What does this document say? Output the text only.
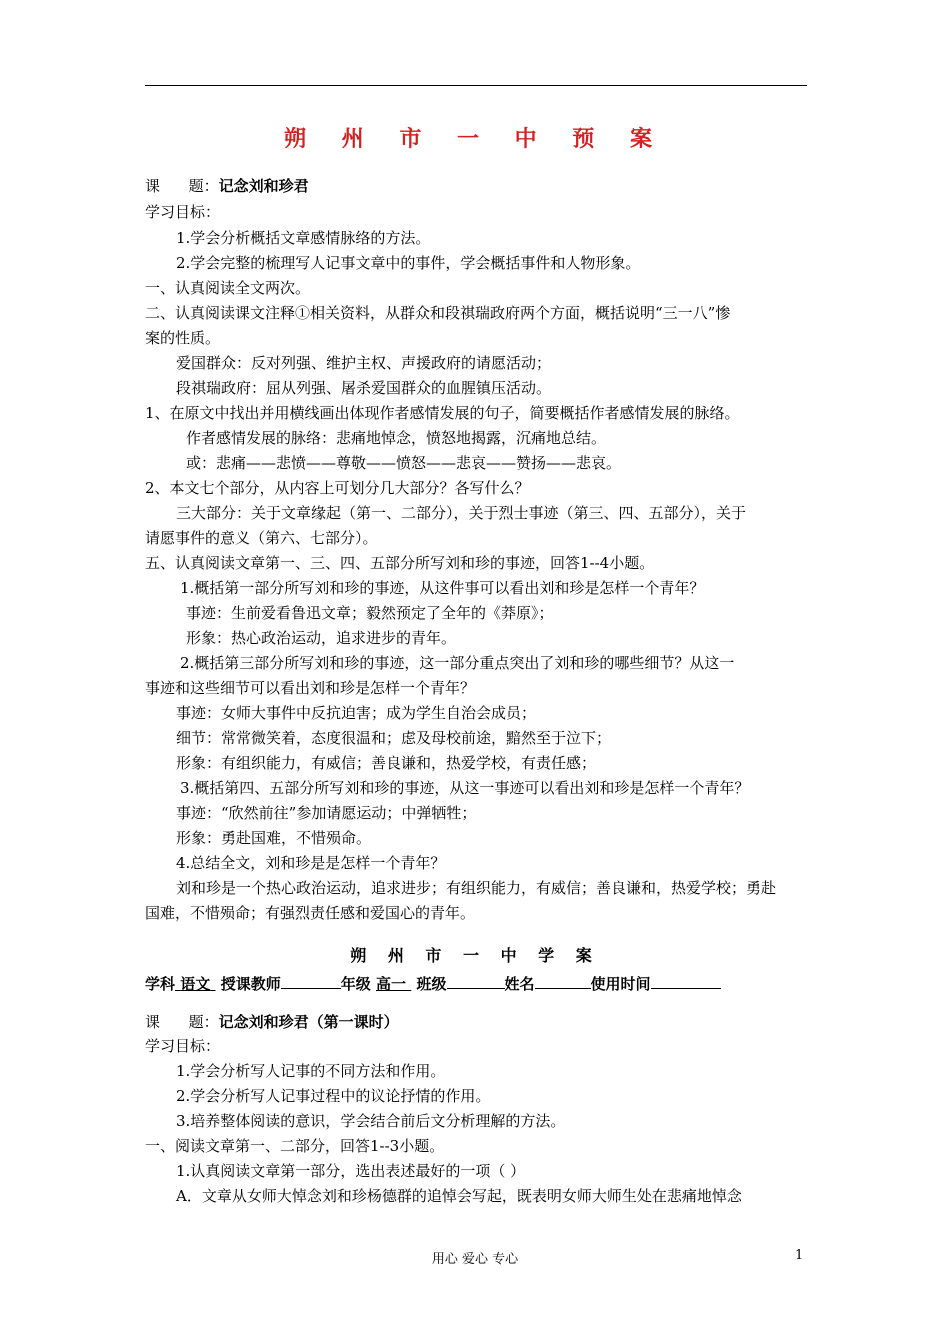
朔 州 市 一 中 预 案
课      题：记念刘和珍君
学习目标：
1.学会分析概括文章感情脉络的方法。
2.学会完整的梳理写人记事文章中的事件，学会概括事件和人物形象。
一、认真阅读全文两次。
二、认真阅读课文注释①相关资料，从群众和段祺瑞政府两个方面，概括说明“三一八”惨
案的性质。
爱国群众：反对列强、维护主权、声援政府的请愿活动；
段祺瑞政府：屈从列强、屠杀爱国群众的血腥镇压活动。
1、在原文中找出并用横线画出体现作者感情发展的句子，简要概括作者感情发展的脉络。
作者感情发展的脉络：悲痛地悼念，愤怒地揭露，沉痛地总结。
或：悲痛——悲愤——尊敬——愤怒——悲哀——赞扬——悲哀。
2、本文七个部分，从内容上可划分几大部分？各写什么？
三大部分：关于文章缘起（第一、二部分），关于烈士事迹（第三、四、五部分），关于
请愿事件的意义（第六、七部分）。
五、认真阅读文章第一、三、四、五部分所写刘和珍的事迹，回答1--4小题。
1.概括第一部分所写刘和珍的事迹，从这件事可以看出刘和珍是怎样一个青年？
事迹：生前爱看鲁迅文章；毅然预定了全年的《莽原》；
形象：热心政治运动，追求进步的青年。
2.概括第三部分所写刘和珍的事迹，这一部分重点突出了刘和珍的哪些细节？从这一
事迹和这些细节可以看出刘和珍是怎样一个青年？
事迹：女师大事件中反抗迫害；成为学生自治会成员；
细节：常常微笑着，态度很温和；虑及母校前途，黯然至于泣下；
形象：有组织能力，有威信；善良谦和，热爱学校，有责任感；
3.概括第四、五部分所写刘和珍的事迹，从这一事迹可以看出刘和珍是怎样一个青年？
事迹：“欣然前往”参加请愿运动；中弹牺牲；
形象：勇赴国难，不惜殒命。
4.总结全文，刘和珍是是怎样一个青年？
刘和珍是一个热心政治运动，追求进步；有组织能力，有威信；善良谦和，热爱学校；勇赴
国难，不惜殒命；有强烈责任感和爱国心的青年。
朔 州 市 一 中 学 案
学科 语文 授课教师	年级 高一 班级	姓名	使用时间
课      题：记念刘和珍君（第一课时）
学习目标：
1.学会分析写人记事的不同方法和作用。
2.学会分析写人记事过程中的议论抒情的作用。
3.培养整体阅读的意识，学会结合前后文分析理解的方法。
一、阅读文章第一、二部分，回答1--3小题。
1.认真阅读文章第一部分，选出表述最好的一项（ ）
A．文章从女师大悼念刘和珍杨德群的追悼会写起，既表明女师大师生处在悲痛地悼念
用心 爱心 专心	1
